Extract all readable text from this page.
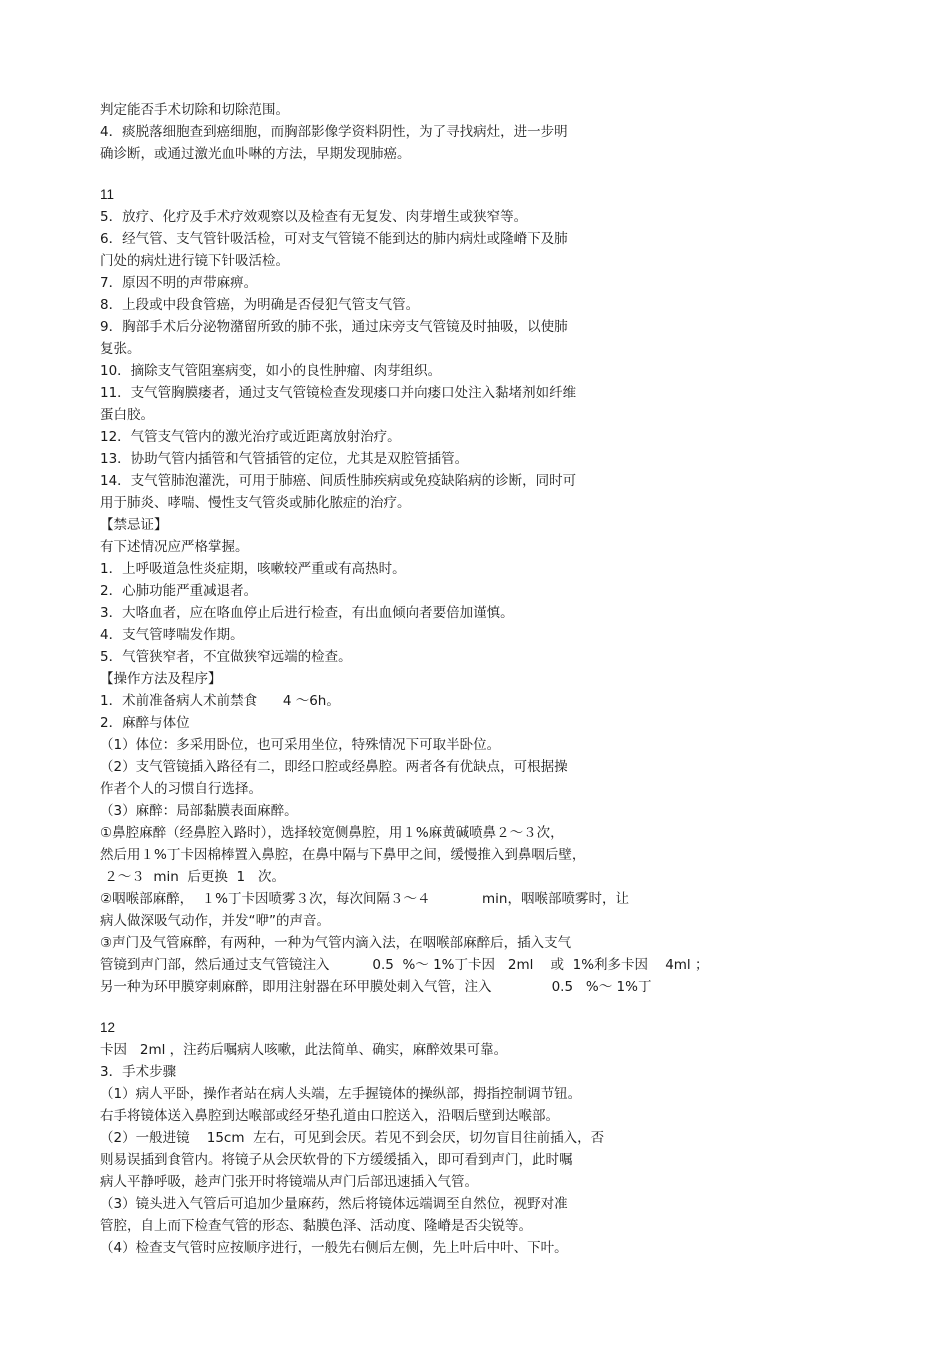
判定能否手术切除和切除范围。

4．痰脱落细胞查到癌细胞，而胸部影像学资料阴性，为了寻找病灶，进一步明

确诊断，或通过激光血卟啉的方法，早期发现肺癌。

11

5．放疗、化疗及手术疗效观察以及检查有无复发、肉芽增生或狭窄等。

6．经气管、支气管针吸活检，可对支气管镜不能到达的肺内病灶或隆嵴下及肺

门处的病灶进行镜下针吸活检。

7．原因不明的声带麻痹。

8．上段或中段食管癌，为明确是否侵犯气管支气管。

9．胸部手术后分泌物潴留所致的肺不张，通过床旁支气管镜及时抽吸，以使肺

复张。

10．摘除支气管阻塞病变，如小的良性肿瘤、肉芽组织。

11．支气管胸膜瘘者，通过支气管镜检查发现瘘口并向瘘口处注入黏堵剂如纤维

蛋白胶。

12．气管支气管内的激光治疗或近距离放射治疗。

13．协助气管内插管和气管插管的定位，尤其是双腔管插管。

14．支气管肺泡灌洗，可用于肺癌、间质性肺疾病或免疫缺陷病的诊断，同时可

用于肺炎、哮喘、慢性支气管炎或肺化脓症的治疗。

【禁忌证】

有下述情况应严格掌握。

1．上呼吸道急性炎症期，咳嗽较严重或有高热时。

2．心肺功能严重减退者。

3．大咯血者，应在咯血停止后进行检查，有出血倾向者要倍加谨慎。

4．支气管哮喘发作期。

5．气管狭窄者，不宜做狭窄远端的检查。

【操作方法及程序】

1．术前准备病人术前禁食      4 ～6h。

2．麻醉与体位

（1）体位：多采用卧位，也可采用坐位，特殊情况下可取半卧位。

（2）支气管镜插入路径有二，即经口腔或经鼻腔。两者各有优缺点，可根据操

作者个人的习惯自行选择。

（3）麻醉：局部黏膜表面麻醉。

①鼻腔麻醉（经鼻腔入路时），选择较宽侧鼻腔，用１%麻黄碱喷鼻２～３次，

然后用１%丁卡因棉棒置入鼻腔，在鼻中隔与下鼻甲之间，缓慢推入到鼻咽后壁，

２～３  min  后更换  1   次。

②咽喉部麻醉，  １%丁卡因喷雾３次，每次间隔３～４            min，咽喉部喷雾时，让

病人做深吸气动作，并发“咿”的声音。

③声门及气管麻醉，有两种，一种为气管内滴入法，在咽喉部麻醉后，插入支气

管镜到声门部，然后通过支气管镜注入          0.5  %～ 1%丁卡因   2ml    或  1%利多卡因    4ml ；

另一种为环甲膜穿刺麻醉，即用注射器在环甲膜处刺入气管，注入              0.5   %～ 1%丁

12

卡因   2ml ，注药后嘱病人咳嗽，此法简单、确实，麻醉效果可靠。

3．手术步骤

（1）病人平卧，操作者站在病人头端，左手握镜体的操纵部，拇指控制调节钮。

右手将镜体送入鼻腔到达喉部或经牙垫孔道由口腔送入，沿咽后壁到达喉部。

（2）一般进镜    15cm  左右，可见到会厌。若见不到会厌，切勿盲目往前插入，否

则易误插到食管内。将镜子从会厌软骨的下方缓缓插入，即可看到声门，此时嘱

病人平静呼吸，趁声门张开时将镜端从声门后部迅速插入气管。

（3）镜头进入气管后可追加少量麻药，然后将镜体远端调至自然位，视野对准

管腔，自上而下检查气管的形态、黏膜色泽、活动度、隆嵴是否尖锐等。

（4）检查支气管时应按顺序进行，一般先右侧后左侧，先上叶后中叶、下叶。
